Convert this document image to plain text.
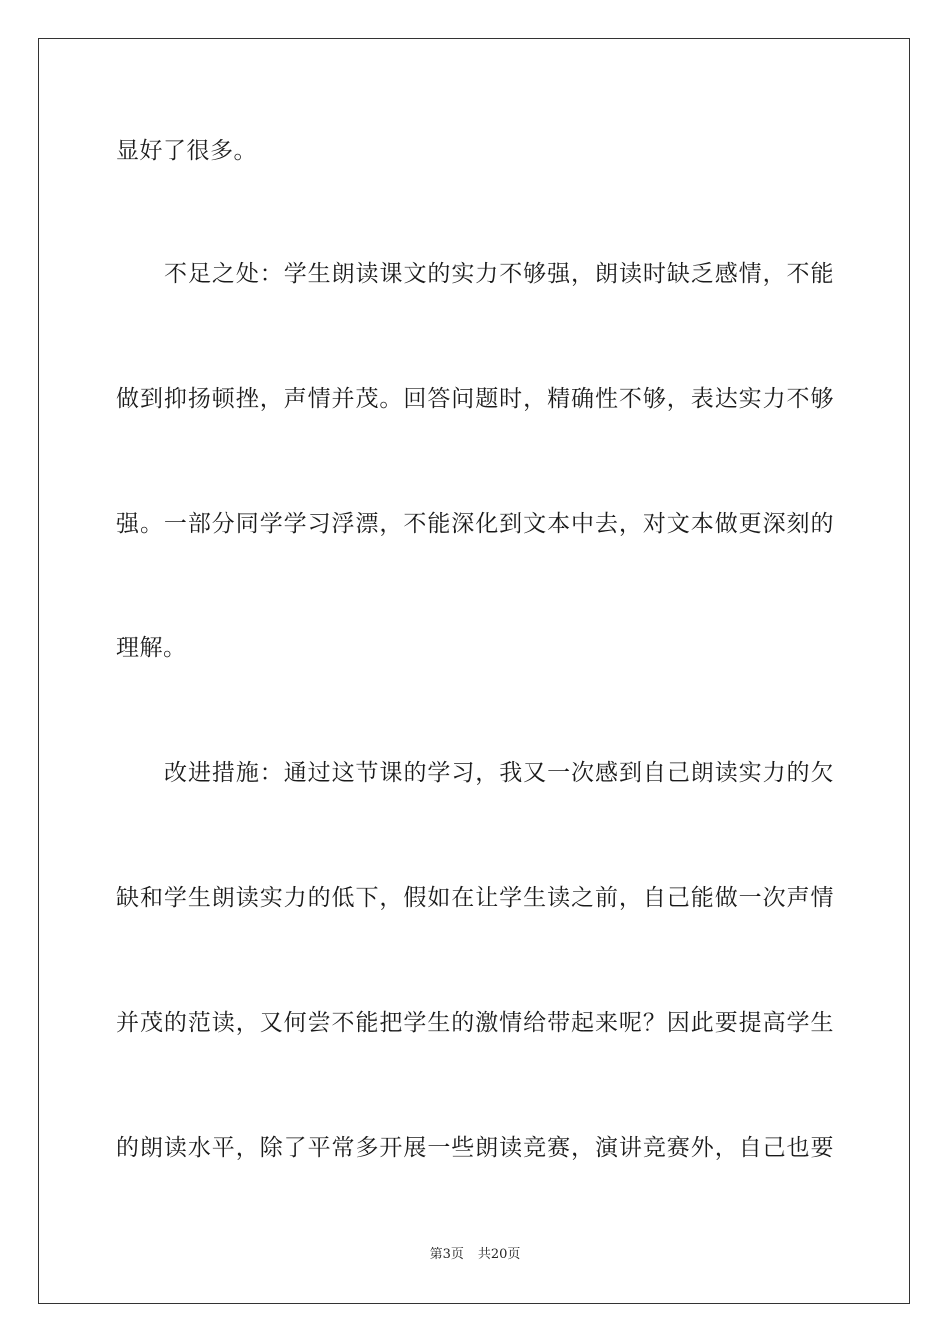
显好了很多。
不足之处：学生朗读课文的实力不够强，朗读时缺乏感情，不能
做到抑扬顿挫，声情并茂。回答问题时，精确性不够，表达实力不够
强。一部分同学学习浮漂，不能深化到文本中去，对文本做更深刻的
理解。
改进措施：通过这节课的学习，我又一次感到自己朗读实力的欠
缺和学生朗读实力的低下，假如在让学生读之前，自己能做一次声情
并茂的范读，又何尝不能把学生的激情给带起来呢？因此要提高学生
的朗读水平，除了平常多开展一些朗读竞赛，演讲竞赛外，自己也要
第3页 共20页
